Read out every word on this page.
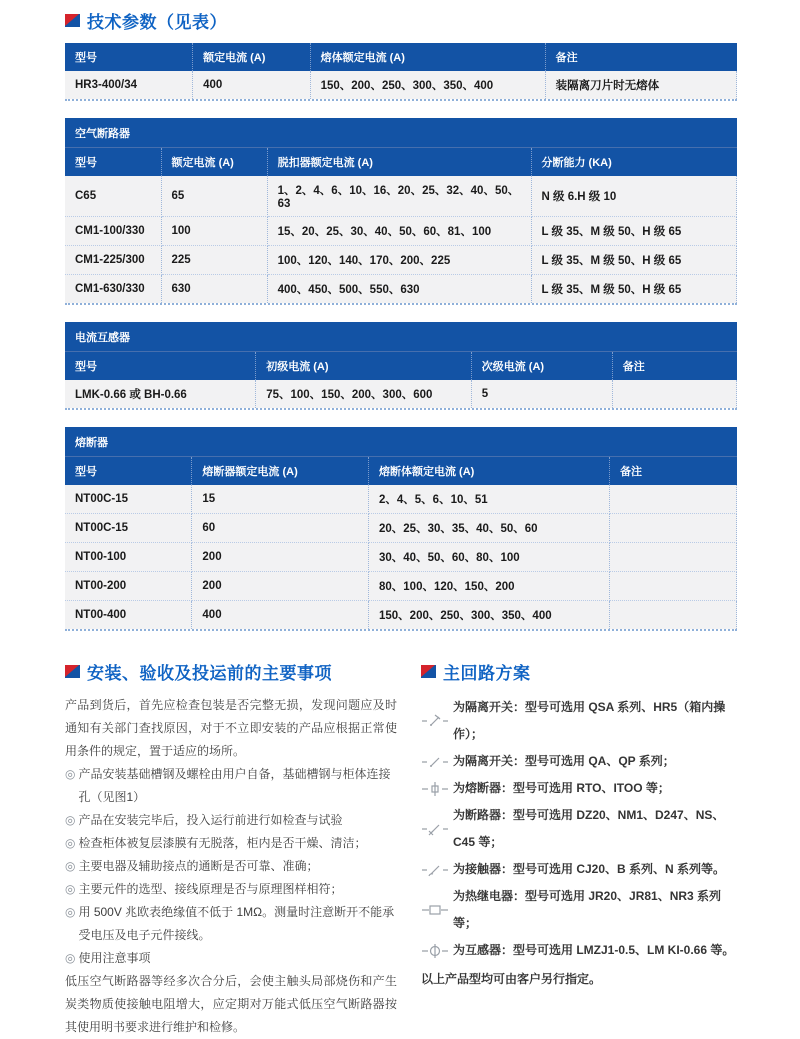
技术参数（见表）
型号	额定电流 (A)	熔体额定电流 (A)	备注
HR3-400/34	400	150、200、250、300、350、400	装隔离刀片时无熔体
空气断路器
型号	额定电流 (A)	脱扣器额定电流 (A)	分断能力 (KA)
C65	65	1、2、4、6、10、16、20、25、32、40、50、63	N 级 6.H 级 10
CM1-100/330	100	15、20、25、30、40、50、60、81、100	L 级 35、M 级 50、H 级 65
CM1-225/300	225	100、120、140、170、200、225	L 级 35、M 级 50、H 级 65
CM1-630/330	630	400、450、500、550、630	L 级 35、M 级 50、H 级 65
电流互感器
型号	初级电流 (A)	次级电流 (A)	备注
LMK-0.66 或 BH-0.66	75、100、150、200、300、600	5	
熔断器
型号	熔断器额定电流 (A)	熔断体额定电流 (A)	备注
NT00C-15	15	2、4、5、6、10、51	
NT00C-15	60	20、25、30、35、40、50、60	
NT00-100	200	30、40、50、60、80、100	
NT00-200	200	80、100、120、150、200	
NT00-400	400	150、200、250、300、350、400	
安装、验收及投运前的主要事项

产品到货后，首先应检查包装是否完整无损，发现问题应及时通知有关部门查找原因，对于不立即安装的产品应根据正常使用条件的规定，置于适应的场所。

◎ 产品安装基础槽钢及螺栓由用户自备，基础槽钢与柜体连接孔（见图1）
◎ 产品在安装完毕后，投入运行前进行如检查与试验
◎ 检查柜体被复层漆膜有无脱落，柜内是否干燥、清洁；
◎ 主要电器及辅助接点的通断是否可靠、准确；
◎ 主要元件的选型、接线原理是否与原理图样相符；
◎ 用 500V 兆欧表绝缘值不低于 1MΩ。测量时注意断开不能承受电压及电子元件接线。
◎ 使用注意事项

低压空气断路器等经多次合分后，会使主触头局部烧伤和产生炭类物质使接触电阻增大，应定期对万能式低压空气断路器按其使用明书要求进行维护和检修。

主回路方案
为隔离开关：型号可选用 QSA 系列、HR5（箱内操作）；
为隔离开关：型号可选用 QA、QP 系列；
为熔断器：型号可选用 RTO、ITOO 等；
为断路器：型号可选用 DZ20、NM1、D247、NS、C45 等；
为接触器：型号可选用 CJ20、B 系列、N 系列等。
为热继电器：型号可选用 JR20、JR81、NR3 系列等；
为互感器：型号可选用 LMZJ1-0.5、LM KI-0.66 等。

以上产品型均可由客户另行指定。
